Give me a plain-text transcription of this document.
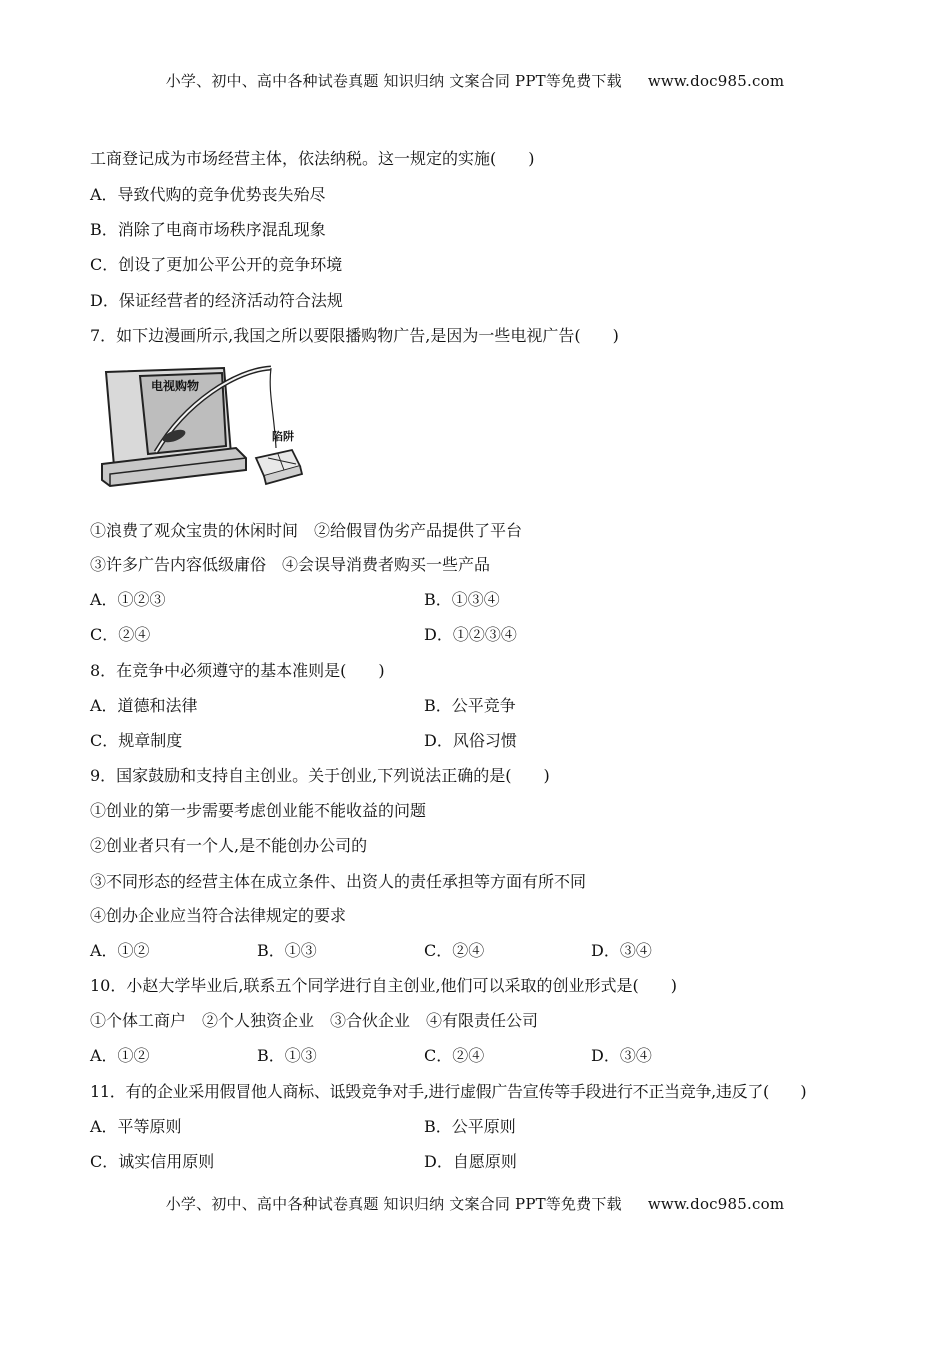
小学、初中、高中各种试卷真题 知识归纳 文案合同 PPT等免费下载 www.doc985.com
工商登记成为市场经营主体，依法纳税。这一规定的实施(　　)
A．导致代购的竞争优势丧失殆尽
B．消除了电商市场秩序混乱现象
C．创设了更加公平公开的竞争环境
D．保证经营者的经济活动符合法规
7．如下边漫画所示,我国之所以要限播购物广告,是因为一些电视广告(　　)
电视购物
陷阱
①浪费了观众宝贵的休闲时间　②给假冒伪劣产品提供了平台
③许多广告内容低级庸俗　④会误导消费者购买一些产品
A．①②③	B．①③④
C．②④	D．①②③④
8．在竞争中必须遵守的基本准则是(　　)
A．道德和法律	B．公平竞争
C．规章制度	D．风俗习惯
9．国家鼓励和支持自主创业。关于创业,下列说法正确的是(　　)
①创业的第一步需要考虑创业能不能收益的问题
②创业者只有一个人,是不能创办公司的
③不同形态的经营主体在成立条件、出资人的责任承担等方面有所不同
④创办企业应当符合法律规定的要求
A．①②	B．①③	C．②④	D．③④
10．小赵大学毕业后,联系五个同学进行自主创业,他们可以采取的创业形式是(　　)
①个体工商户　②个人独资企业　③合伙企业　④有限责任公司
A．①②	B．①③	C．②④	D．③④
11．有的企业采用假冒他人商标、诋毁竞争对手,进行虚假广告宣传等手段进行不正当竞争,违反了(　　)
A．平等原则	B．公平原则
C．诚实信用原则	D．自愿原则
小学、初中、高中各种试卷真题 知识归纳 文案合同 PPT等免费下载 www.doc985.com
